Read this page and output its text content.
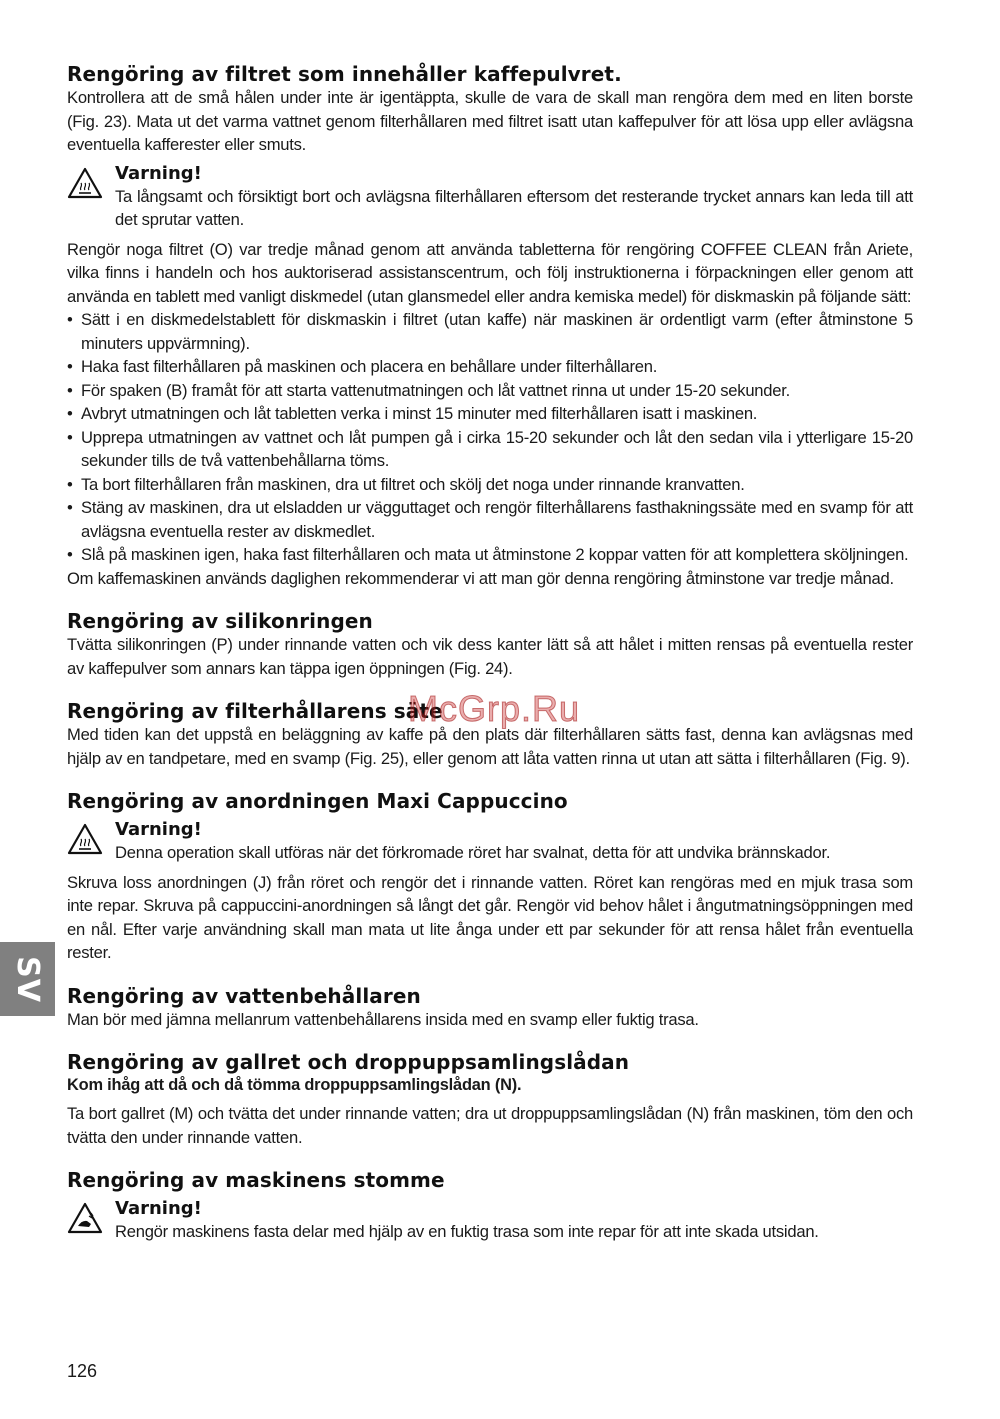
Rengöring av filtret som innehåller kaffepulvret.

Kontrollera att de små hålen under inte är igentäppta, skulle de vara de skall man rengöra dem med en liten borste (Fig. 23). Mata ut det varma vattnet genom filterhållaren med filtret isatt utan kaffepulver för att lösa upp eller avlägsna eventuella kafferester eller smuts.

Varning!
Ta långsamt och försiktigt bort och avlägsna filterhållaren eftersom det resterande trycket annars kan leda till att det sprutar vatten.

Rengör noga filtret (O) var tredje månad genom att använda tabletterna för rengöring COFFEE CLEAN från Ariete, vilka finns i handeln och hos auktoriserad assistanscentrum, och följ instruktionerna i förpackningen eller genom att använda en tablett med vanligt diskmedel (utan glansmedel eller andra kemiska medel) för diskmaskin på följande sätt:

• Sätt i en diskmedelstablett för diskmaskin i filtret (utan kaffe) när maskinen är ordentligt varm (efter åtminstone 5 minuters uppvärmning).
• Haka fast filterhållaren på maskinen och placera en behållare under filterhållaren.
• För spaken (B) framåt för att starta vattenutmatningen och låt vattnet rinna ut under 15-20 sekunder.
• Avbryt utmatningen och låt tabletten verka i minst 15 minuter med filterhållaren isatt i maskinen.
• Upprepa utmatningen av vattnet och låt pumpen gå i cirka 15-20 sekunder och låt den sedan vila i ytterligare 15-20 sekunder tills de två vattenbehållarna töms.
• Ta bort filterhållaren från maskinen, dra ut filtret och skölj det noga under rinnande kranvatten.
• Stäng av maskinen, dra ut elsladden ur vägguttaget och rengör filterhållarens fasthakningssäte med en svamp för att avlägsna eventuella rester av diskmedlet.
• Slå på maskinen igen, haka fast filterhållaren och mata ut åtminstone 2 koppar vatten för att komplettera sköljningen.

Om kaffemaskinen används daglighen rekommenderar vi att man gör denna rengöring åtminstone var tredje månad.

Rengöring av silikonringen

Tvätta silikonringen (P) under rinnande vatten och vik dess kanter lätt så att hålet i mitten rensas på eventuella rester av kaffepulver som annars kan täppa igen öppningen (Fig. 24).

Rengöring av filterhållarens säte

Med tiden kan det uppstå en beläggning av kaffe på den plats där filterhållaren sätts fast, denna kan avlägsnas med hjälp av en tandpetare, med en svamp (Fig. 25), eller genom att låta vatten rinna ut utan att sätta i filterhållaren (Fig. 9).

Rengöring av anordningen Maxi Cappuccino
Varning!
Denna operation skall utföras när det förkromade röret har svalnat, detta för att undvika brännskador.

Skruva loss anordningen (J) från röret och rengör det i rinnande vatten. Röret kan rengöras med en mjuk trasa som inte repar. Skruva på cappuccini-anordningen så långt det går. Rengör vid behov hålet i ångutmatningsöppningen med en nål. Efter varje användning skall man mata ut lite ånga under ett par sekunder för att rensa hålet från eventuella rester.

Rengöring av vattenbehållaren

Man bör med jämna mellanrum vattenbehållarens insida med en svamp eller fuktig trasa.

Rengöring av gallret och droppuppsamlingslådan
Kom ihåg att då och då tömma droppuppsamlingslådan (N).

Ta bort gallret (M) och tvätta det under rinnande vatten; dra ut droppuppsamlingslådan (N) från maskinen, töm den och tvätta den under rinnande vatten.

Rengöring av maskinens stomme
Varning!
Rengör maskinens fasta delar med hjälp av en fuktig trasa som inte repar för att inte skada utsidan.
SV
McGrp.Ru
126
